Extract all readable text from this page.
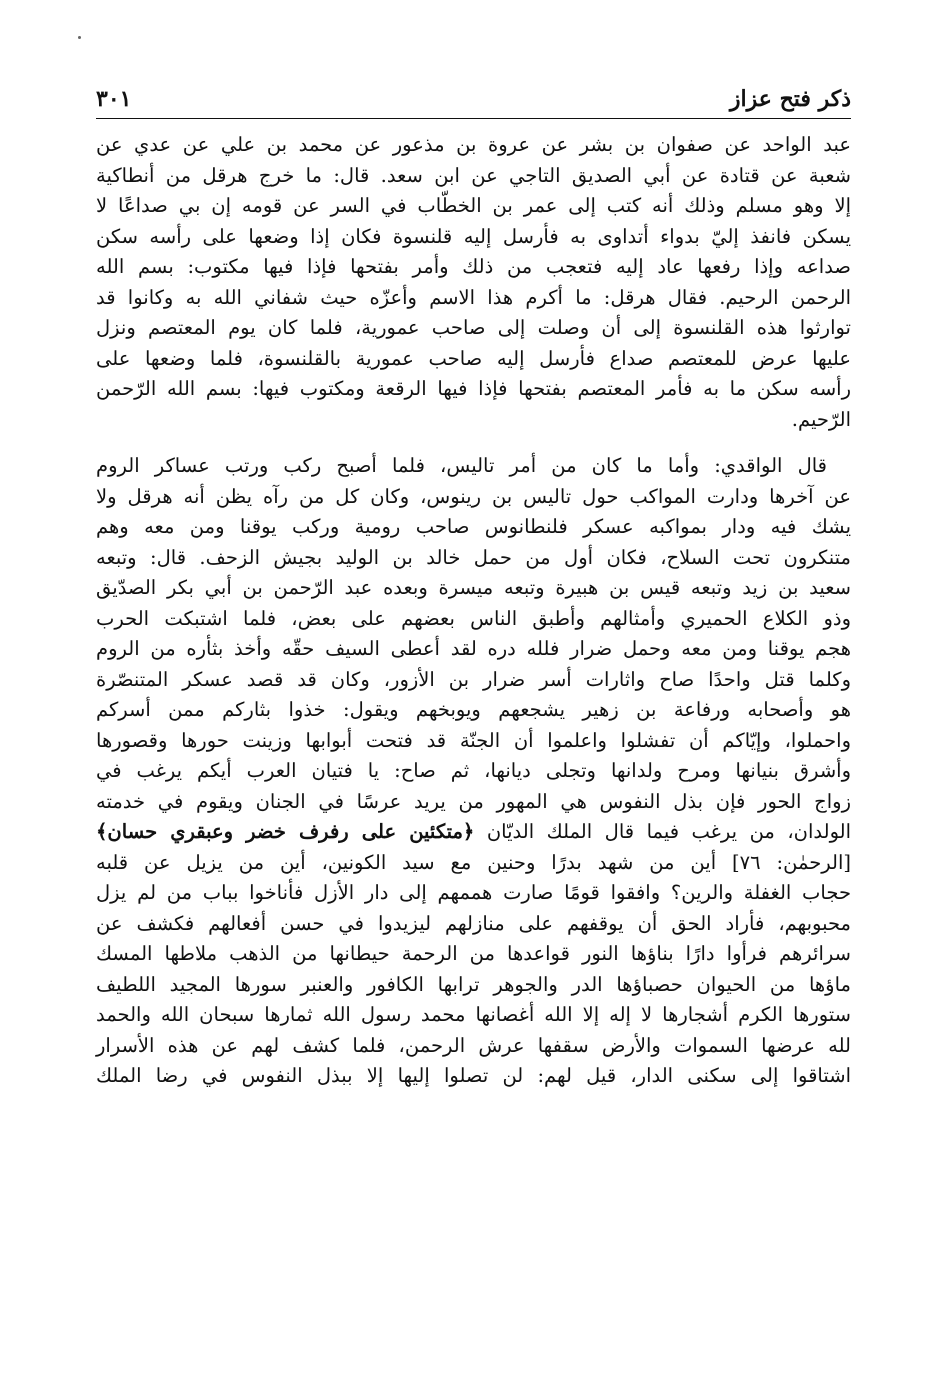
ذكر فتح عزاز
٣٠١

عبد الواحد عن صفوان بن بشر عن عروة بن مذعور عن محمد بن علي عن عدي عن
شعبة عن قتادة عن أبي الصديق التاجي عن ابن سعد. قال: ما خرج هرقل من أنطاكية
إلا وهو مسلم وذلك أنه كتب إلى عمر بن الخطّاب في السر عن قومه إن بي صداعًا لا
يسكن فانفذ إليّ بدواء أتداوى به فأرسل إليه قلنسوة فكان إذا وضعها على رأسه سكن
صداعه وإذا رفعها عاد إليه فتعجب من ذلك وأمر بفتحها فإذا فيها مكتوب: بسم الله
الرحمن الرحيم. فقال هرقل: ما أكرم هذا الاسم وأعزّه حيث شفاني الله به وكانوا قد
توارثوا هذه القلنسوة إلى أن وصلت إلى صاحب عمورية، فلما كان يوم المعتصم ونزل
عليها عرض للمعتصم صداع فأرسل إليه صاحب عمورية بالقلنسوة، فلما وضعها على
رأسه سكن ما به فأمر المعتصم بفتحها فإذا فيها الرقعة ومكتوب فيها: بسم الله الرّحمن
الرّحيم.

قال الواقدي: وأما ما كان من أمر تاليس، فلما أصبح ركب ورتب عساكر الروم
عن آخرها ودارت المواكب حول تاليس بن رينوس، وكان كل من رآه يظن أنه هرقل ولا
يشك فيه ودار بمواكبه عسكر فلنطانوس صاحب رومية وركب يوقنا ومن معه وهم
متنكرون تحت السلاح، فكان أول من حمل خالد بن الوليد بجيش الزحف. قال: وتبعه
سعيد بن زيد وتبعه قيس بن هبيرة وتبعه ميسرة وبعده عبد الرّحمن بن أبي بكر الصدّيق
وذو الكلاع الحميري وأمثالهم وأطبق الناس بعضهم على بعض، فلما اشتبكت الحرب
هجم يوقنا ومن معه وحمل ضرار فلله دره لقد أعطى السيف حقّه وأخذ بثأره من الروم
وكلما قتل واحدًا صاح واثارات أسر ضرار بن الأزور، وكان قد قصد عسكر المتنصّرة
هو وأصحابه ورفاعة بن زهير يشجعهم ويوبخهم ويقول: خذوا بثاركم ممن أسركم
واحملوا، وإيّاكم أن تفشلوا واعلموا أن الجنّة قد فتحت أبوابها وزينت حورها وقصورها
وأشرق بنيانها ومرح ولدانها وتجلى ديانها، ثم صاح: يا فتيان العرب أيكم يرغب في
زواج الحور فإن بذل النفوس هي المهور من يريد عرسًا في الجنان ويقوم في خدمته
الولدان، من يرغب فيما قال الملك الديّان ﴿متكئين على رفرف خضر وعبقري حسان﴾
[الرحمٰن: ٧٦] أين من شهد بدرًا وحنين مع سيد الكونين، أين من يزيل عن قلبه
حجاب الغفلة والرين؟ وافقوا قومًا صارت هممهم إلى دار الأزل فأناخوا بباب من لم يزل
محبوبهم، فأراد الحق أن يوقفهم على منازلهم ليزيدوا في حسن أفعالهم فكشف عن
سرائرهم فرأوا دارًا بناؤها النور قواعدها من الرحمة حيطانها من الذهب ملاطها المسك
ماؤها من الحيوان حصباؤها الدر والجوهر ترابها الكافور والعنبر سورها المجيد اللطيف
ستورها الكرم أشجارها لا إله إلا الله أغصانها محمد رسول الله ثمارها سبحان الله والحمد
لله عرضها السموات والأرض سقفها عرش الرحمن، فلما كشف لهم عن هذه الأسرار
اشتاقوا إلى سكنى الدار، قيل لهم: لن تصلوا إليها إلا ببذل النفوس في رضا الملك
